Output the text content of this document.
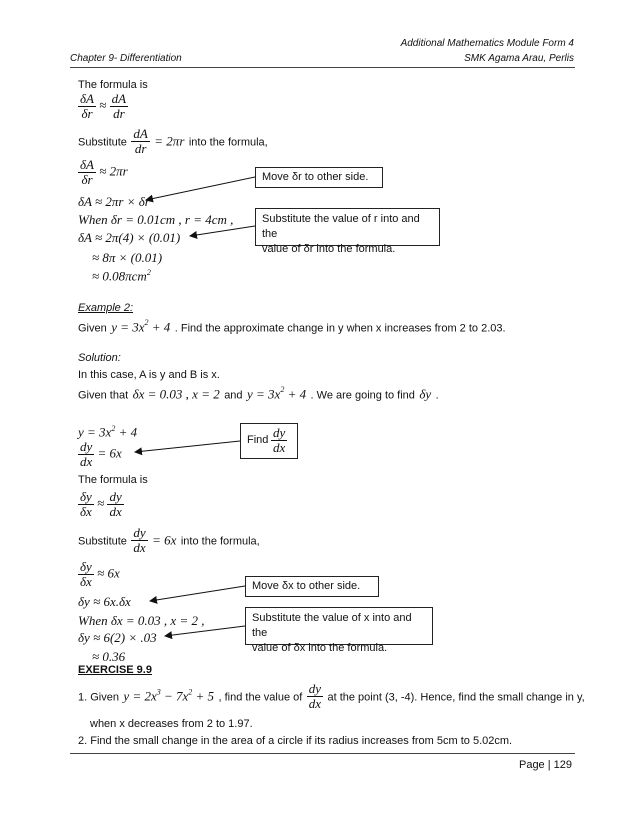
Additional Mathematics Module Form 4
Chapter 9- Differentiation	SMK Agama Arau, Perlis
The formula is
$\frac{\delta A}{\delta r} \approx \frac{dA}{dr}$
Substitute $\frac{dA}{dr} = 2\pi r$ into the formula,
$\frac{\delta A}{\delta r} \approx 2\pi r$
δA ≈ 2πr × δr
When δr = 0.01cm , r = 4cm ,
δA ≈ 2π(4) × (0.01)
≈ 8π × (0.01)
≈ 0.08πcm$^2$
Move δr to other side.
Substitute the value of r into and the
value of δr into the formula.
Example 2:
Given $y = 3x^2 + 4$ . Find the approximate change in y when x increases from 2 to 2.03.
Solution:
In this case, A is y and B is x.
Given that δx = 0.03 , x = 2 and $y = 3x^2 + 4$ . We are going to find δy .
$y = 3x^2 + 4$
$\frac{dy}{dx} = 6x$
Find $\frac{dy}{dx}$
The formula is
$\frac{\delta y}{\delta x} \approx \frac{dy}{dx}$
Substitute $\frac{dy}{dx} = 6x$ into the formula,
$\frac{\delta y}{\delta x} \approx 6x$
δy ≈ 6x.δx
When δx = 0.03 , x = 2 ,
δy ≈ 6(2) × .03
≈ 0.36
Move δx to other side.
Substitute the value of x into and the
value of δx into the formula.
EXERCISE 9.9
1. Given $y = 2x^3 - 7x^2 + 5$ , find the value of $\frac{dy}{dx}$ at the point (3, -4). Hence, find the small change in y,
when x decreases from 2 to 1.97.
2. Find the small change in the area of a circle if its radius increases from 5cm to 5.02cm.
Page | 129
